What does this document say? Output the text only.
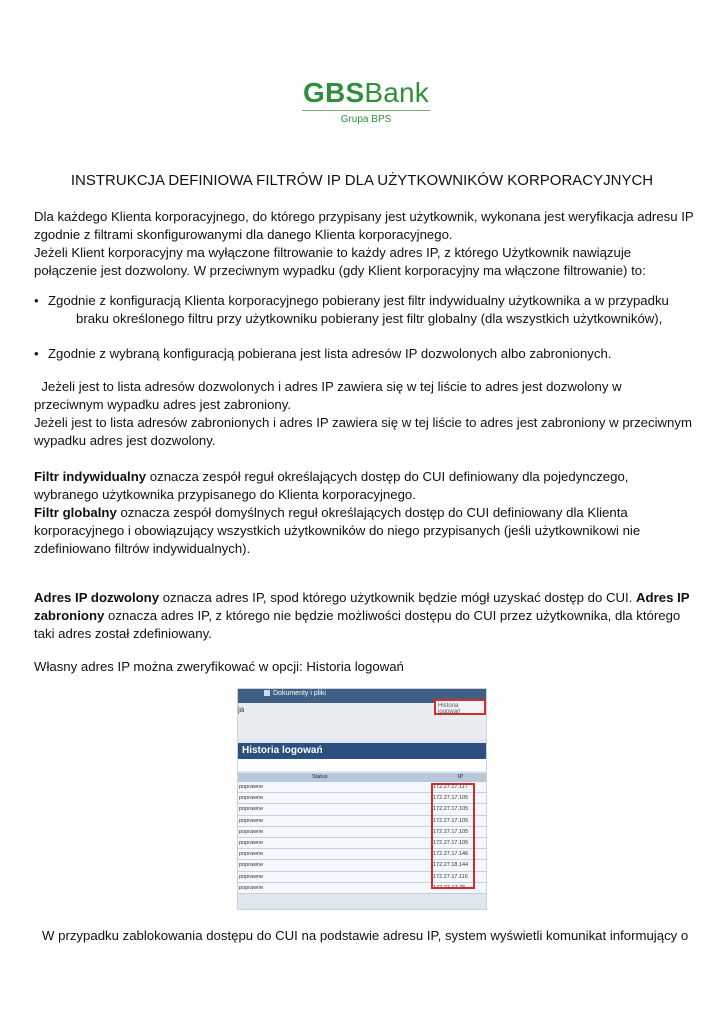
GBSBank
Grupa BPS
INSTRUKCJA DEFINIOWA FILTRÓW IP DLA UŻYTKOWNIKÓW KORPORACYJNYCH
Dla każdego Klienta korporacyjnego, do którego przypisany jest użytkownik, wykonana jest weryfikacja adresu IP zgodnie z filtrami skonfigurowanymi dla danego Klienta korporacyjnego.
Jeżeli Klient korporacyjny ma wyłączone filtrowanie to każdy adres IP, z którego Użytkownik nawiązuje połączenie jest dozwolony. W przeciwnym wypadku (gdy Klient korporacyjny ma włączone filtrowanie) to:
• Zgodnie z konfiguracją Klienta korporacyjnego pobierany jest filtr indywidualny użytkownika a w przypadku
braku określonego filtru przy użytkowniku pobierany jest filtr globalny (dla wszystkich użytkowników),
• Zgodnie z wybraną konfiguracją pobierana jest lista adresów IP dozwolonych albo zabronionych.
Jeżeli jest to lista adresów dozwolonych i adres IP zawiera się w tej liście to adres jest dozwolony w przeciwnym wypadku adres jest zabroniony.
Jeżeli jest to lista adresów zabronionych i adres IP zawiera się w tej liście to adres jest zabroniony w przeciwnym wypadku adres jest dozwolony.
Filtr indywidualny oznacza zespół reguł określających dostęp do CUI definiowany dla pojedynczego, wybranego użytkownika przypisanego do Klienta korporacyjnego.
Filtr globalny oznacza zespół domyślnych reguł określających dostęp do CUI definiowany dla Klienta korporacyjnego i obowiązujący wszystkich użytkowników do niego przypisanych (jeśli użytkownikowi nie zdefiniowano filtrów indywidualnych).
Adres IP dozwolony oznacza adres IP, spod którego użytkownik będzie mógł uzyskać dostęp do CUI. Adres IP zabroniony oznacza adres IP, z którego nie będzie możliwości dostępu do CUI przez użytkownika, dla którego taki adres został zdefiniowany.
Własny adres IP można zweryfikować w opcji: Historia logowań
Dokumenty i pliki
ja	Historia logowań
Historia logowań
Status	IP
poprawne	172.27.17.117
poprawne	172.27.17.105
poprawne	172.27.17.105
poprawne	172.27.17.105
poprawne	172.27.17.105
poprawne	172.27.17.105
poprawne	172.27.17.146
poprawne	172.27.18.144
poprawne	172.27.17.116
poprawne	172.27.17.78
W przypadku zablokowania dostępu do CUI na podstawie adresu IP, system wyświetli komunikat informujący o
